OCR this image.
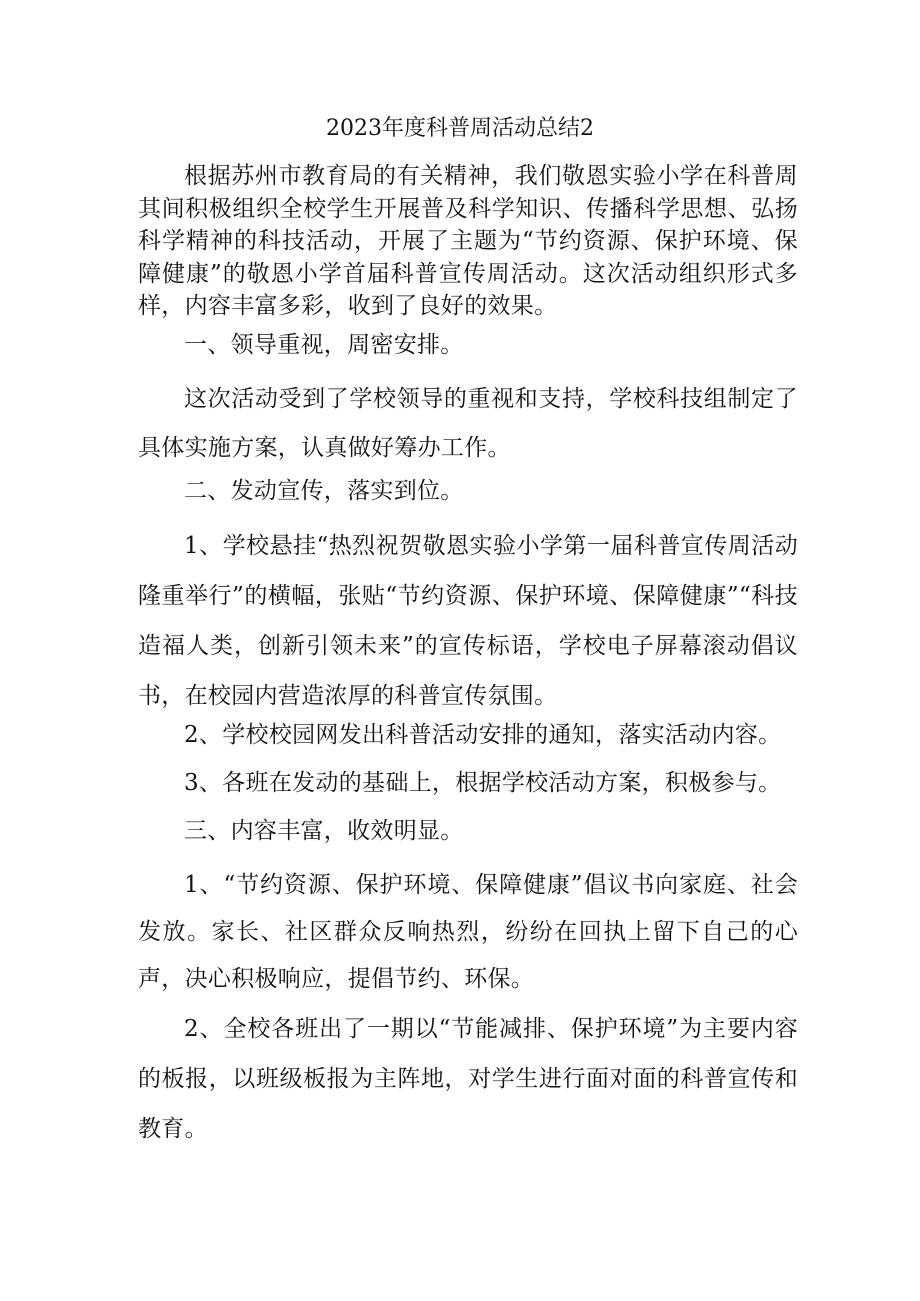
2023年度科普周活动总结2

根据苏州市教育局的有关精神，我们敬恩实验小学在科普周其间积极组织全校学生开展普及科学知识、传播科学思想、弘扬科学精神的科技活动，开展了主题为“节约资源、保护环境、保障健康”的敬恩小学首届科普宣传周活动。这次活动组织形式多样，内容丰富多彩，收到了良好的效果。

一、领导重视，周密安排。

这次活动受到了学校领导的重视和支持，学校科技组制定了具体实施方案，认真做好筹办工作。

二、发动宣传，落实到位。

1、学校悬挂“热烈祝贺敬恩实验小学第一届科普宣传周活动隆重举行”的横幅，张贴“节约资源、保护环境、保障健康”“科技造福人类，创新引领未来”的宣传标语，学校电子屏幕滚动倡议书，在校园内营造浓厚的科普宣传氛围。

2、学校校园网发出科普活动安排的通知，落实活动内容。

3、各班在发动的基础上，根据学校活动方案，积极参与。

三、内容丰富，收效明显。

1、“节约资源、保护环境、保障健康”倡议书向家庭、社会发放。家长、社区群众反响热烈，纷纷在回执上留下自己的心声，决心积极响应，提倡节约、环保。

2、全校各班出了一期以“节能减排、保护环境”为主要内容的板报，以班级板报为主阵地，对学生进行面对面的科普宣传和教育。
